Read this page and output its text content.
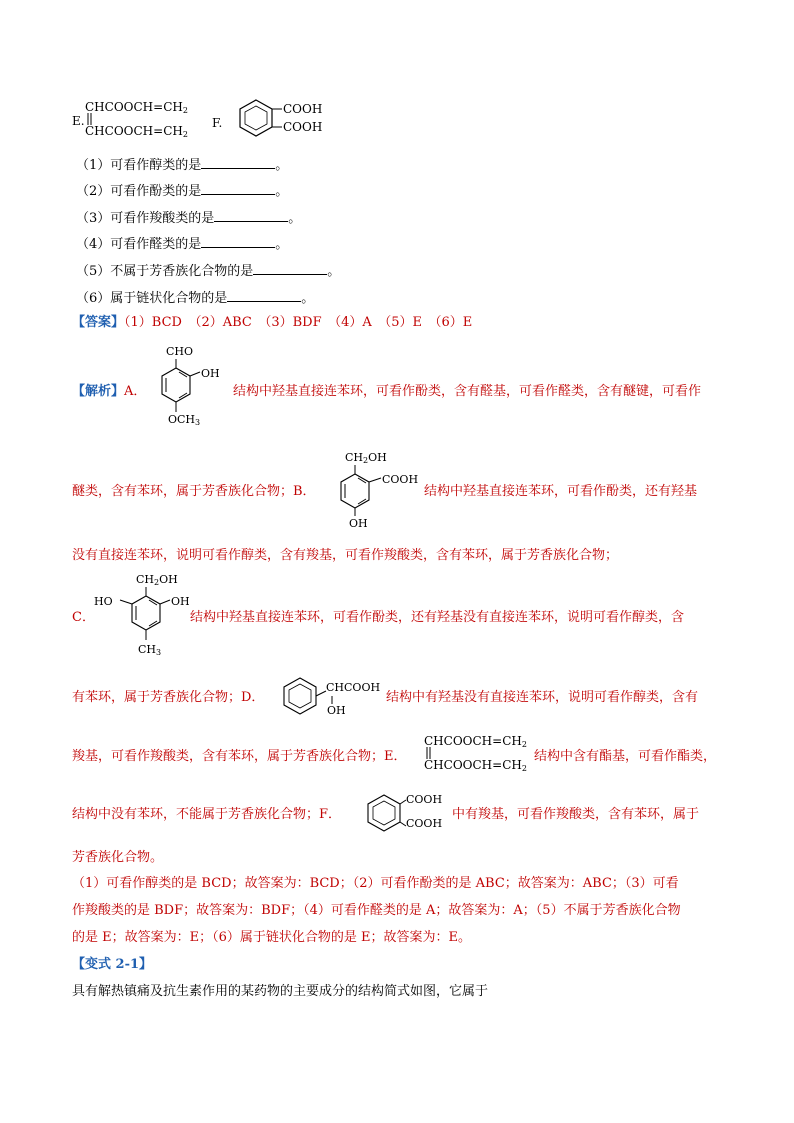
E.
$CHCOOCH=CH_2$
$CHCOOCH=CH_2$
F.
COOH
COOH
（1）可看作醇类的是	。
（2）可看作酚类的是	。
（3）可看作羧酸类的是	。
（4）可看作醛类的是	。
（5）不属于芳香族化合物的是	。
（6）属于链状化合物的是	。
【答案】（1）BCD　（2）ABC　（3）BDF　（4）A　（5）E　（6）E
CHO
OH
$OCH_3$
【解析】A．	结构中羟基直接连苯环，可看作酚类，含有醛基，可看作醛类，含有醚键，可看作
$CH_2OH$
COOH
OH
醚类，含有苯环，属于芳香族化合物；B．	结构中羟基直接连苯环，可看作酚类，还有羟基
没有直接连苯环，说明可看作醇类，含有羧基，可看作羧酸类，含有苯环，属于芳香族化合物；
$CH_2OH$
HO	OH
$CH_3$
C．	结构中羟基直接连苯环，可看作酚类，还有羟基没有直接连苯环，说明可看作醇类，含
有苯环，属于芳香族化合物；D．
CHCOOH
OH
结构中有羟基没有直接连苯环，说明可看作醇类，含有
羧基，可看作羧酸类，含有苯环，属于芳香族化合物；E．
$CHCOOCH=CH_2$
$CHCOOCH=CH_2$
结构中含有酯基，可看作酯类，
结构中没有苯环，不能属于芳香族化合物；F．
COOH
COOH
中有羧基，可看作羧酸类，含有苯环，属于
芳香族化合物。
（1）可看作醇类的是 BCD；故答案为：BCD；（2）可看作酚类的是 ABC；故答案为：ABC；（3）可看
作羧酸类的是 BDF；故答案为：BDF；（4）可看作醛类的是 A；故答案为：A；（5）不属于芳香族化合物
的是 E；故答案为：E；（6）属于链状化合物的是 E；故答案为：E。
【变式 2-1】
具有解热镇痛及抗生素作用的某药物的主要成分的结构简式如图，它属于
